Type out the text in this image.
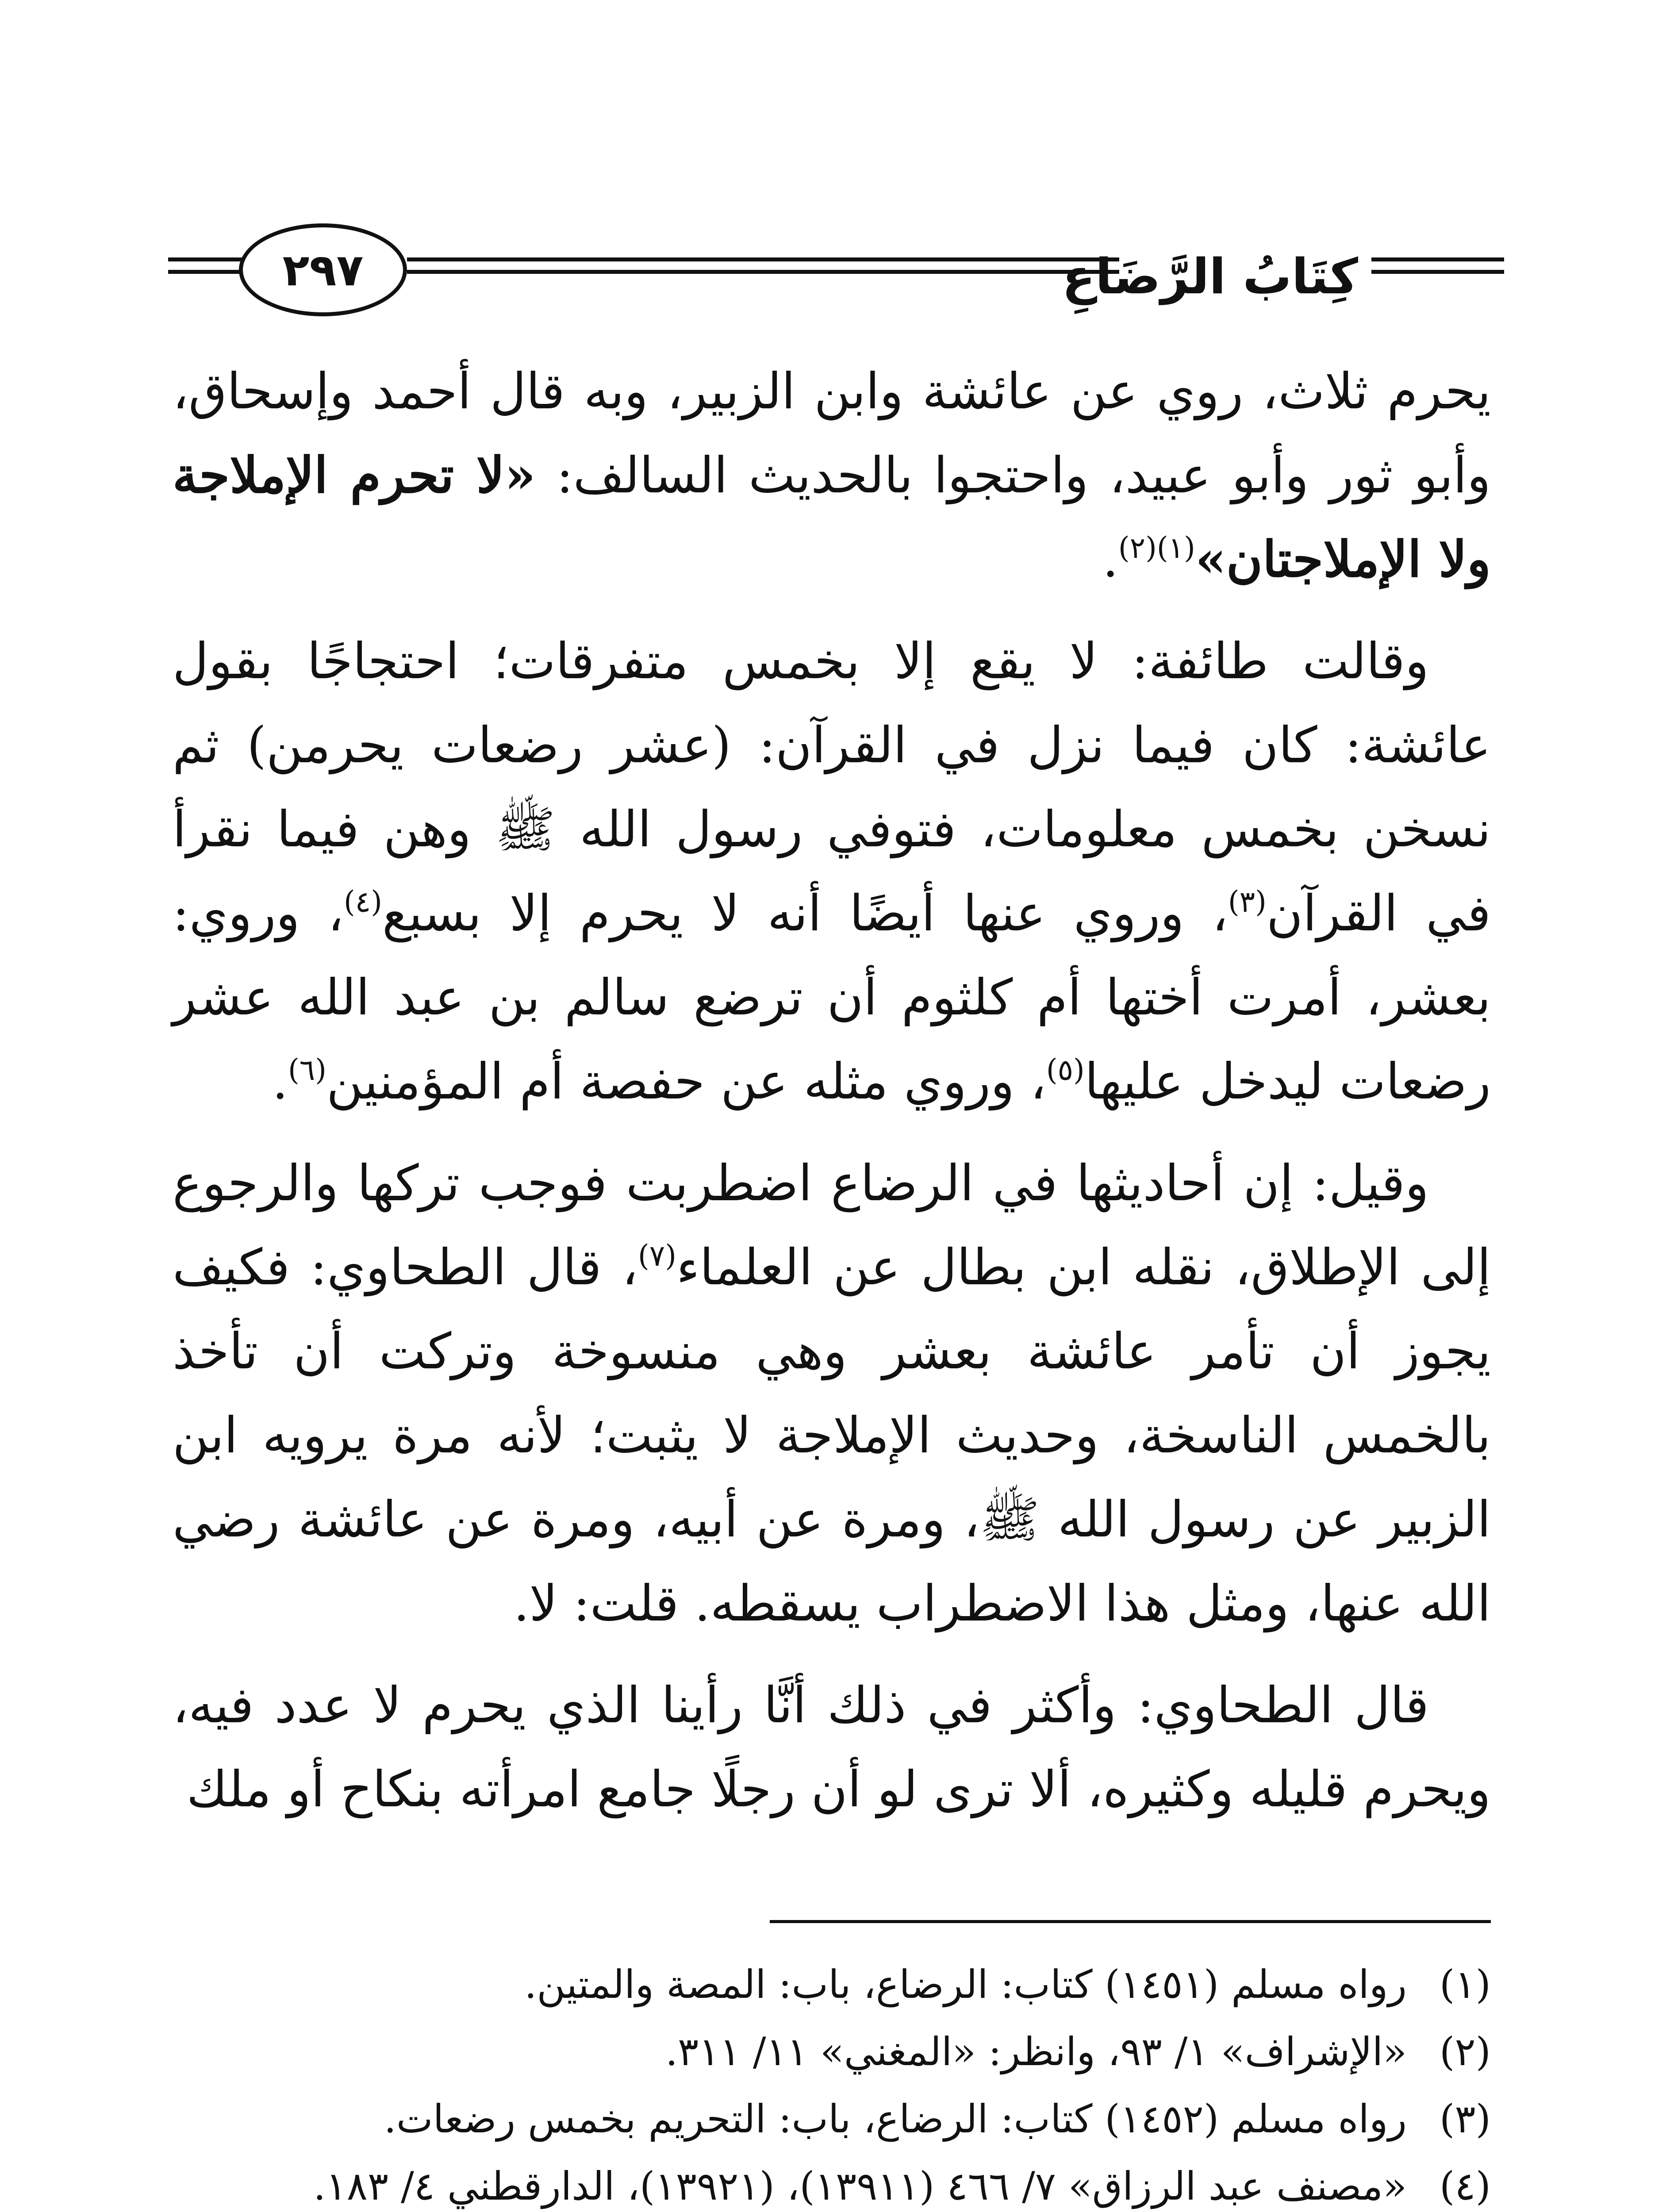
كِتَابُ الرَّضَاعِ
٢٩٧

يحرم ثلاث، روي عن عائشة وابن الزبير، وبه قال أحمد وإسحاق، وأبو ثور وأبو عبيد، واحتجوا بالحديث السالف: «لا تحرم الإملاجة ولا الإملاجتان»$^{(١)(٢)}$.

وقالت طائفة: لا يقع إلا بخمس متفرقات؛ احتجاجًا بقول عائشة: كان فيما نزل في القرآن: (عشر رضعات يحرمن) ثم نسخن بخمس معلومات، فتوفي رسول الله ﷺ وهن فيما نقرأ في القرآن$^{(٣)}$، وروي عنها أيضًا أنه لا يحرم إلا بسبع$^{(٤)}$، وروي: بعشر، أمرت أختها أم كلثوم أن ترضع سالم بن عبد الله عشر رضعات ليدخل عليها$^{(٥)}$، وروي مثله عن حفصة أم المؤمنين$^{(٦)}$.

وقيل: إن أحاديثها في الرضاع اضطربت فوجب تركها والرجوع إلى الإطلاق، نقله ابن بطال عن العلماء$^{(٧)}$، قال الطحاوي: فكيف يجوز أن تأمر عائشة بعشر وهي منسوخة وتركت أن تأخذ بالخمس الناسخة، وحديث الإملاجة لا يثبت؛ لأنه مرة يرويه ابن الزبير عن رسول الله ﷺ، ومرة عن أبيه، ومرة عن عائشة رضي الله عنها، ومثل هذا الاضطراب يسقطه. قلت: لا.

قال الطحاوي: وأكثر في ذلك أنَّا رأينا الذي يحرم لا عدد فيه، ويحرم قليله وكثيره، ألا ترى لو أن رجلًا جامع امرأته بنكاح أو ملك

(١)رواه مسلم (١٤٥١) كتاب: الرضاع، باب: المصة والمتين.
(٢)«الإشراف» ١/ ٩٣، وانظر: «المغني» ١١/ ٣١١.
(٣)رواه مسلم (١٤٥٢) كتاب: الرضاع، باب: التحريم بخمس رضعات.
(٤)«مصنف عبد الرزاق» ٧/ ٤٦٦ (١٣٩١١)، (١٣٩٢١)، الدارقطني ٤/ ١٨٣.
